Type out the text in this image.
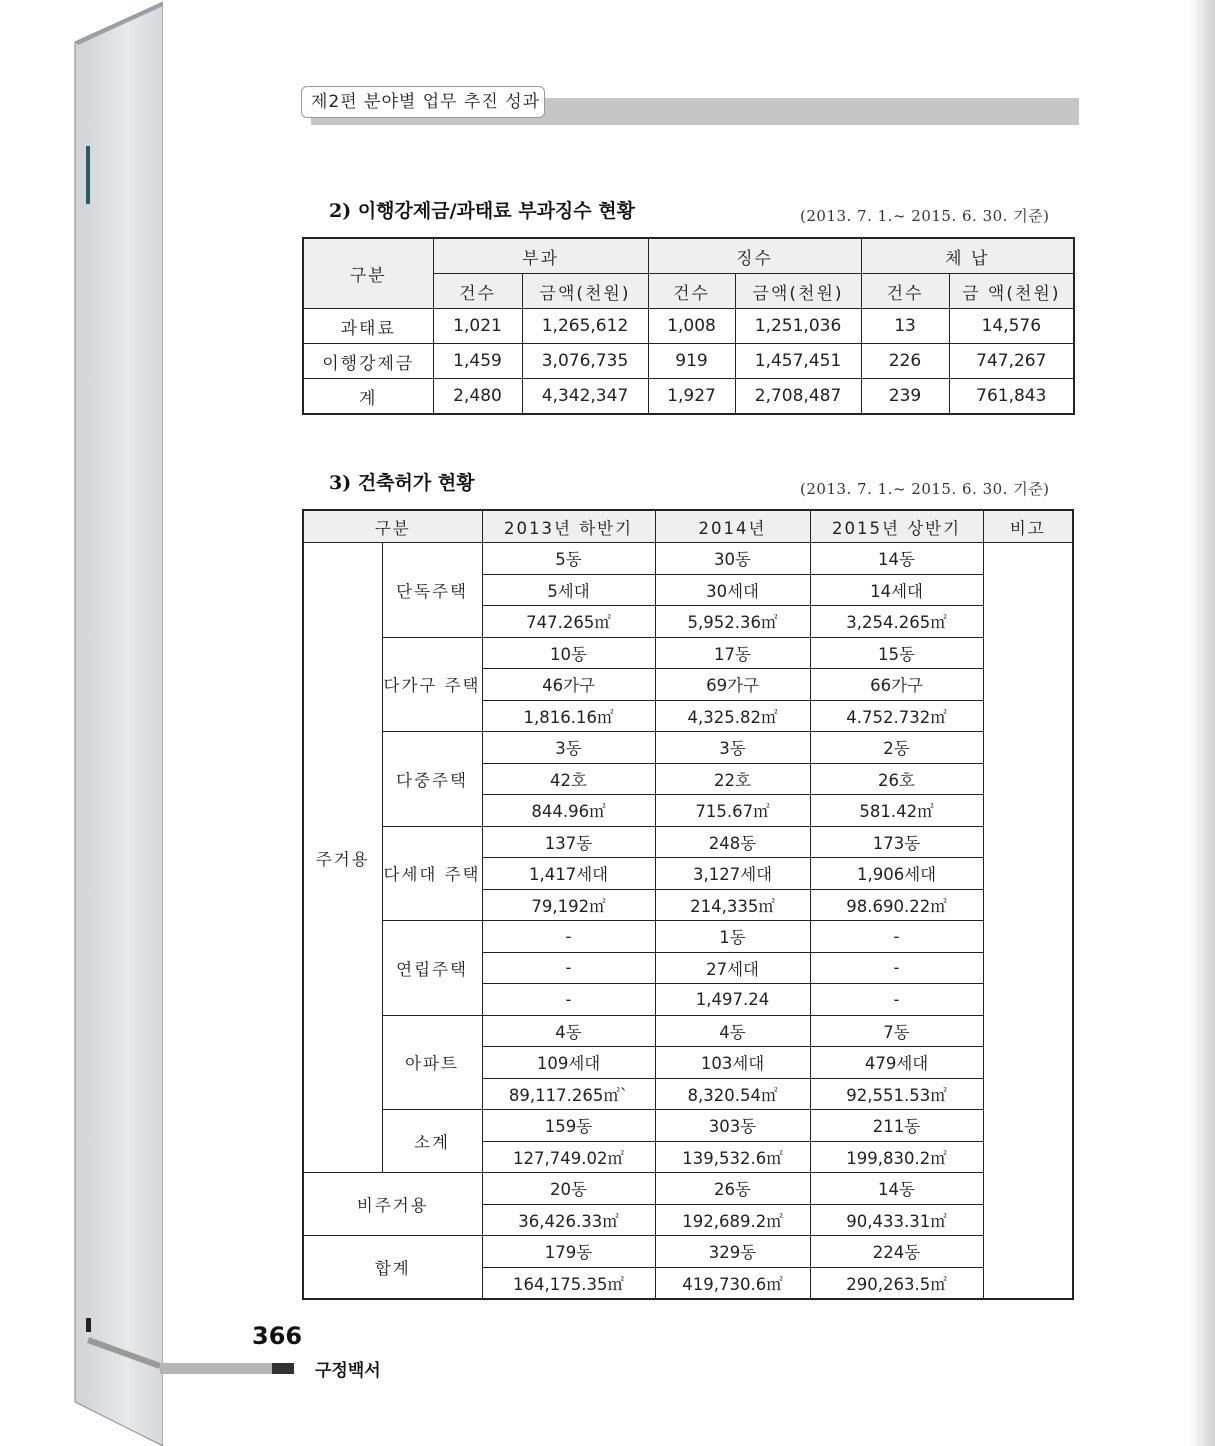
제2편 분야별 업무 추진 성과
2) 이행강제금/과태료 부과징수 현황	(2013. 7. 1.~ 2015. 6. 30. 기준)
구분	부과		징수		체 납	
	건수	금액(천원)	건수	금액(천원)	건수	금 액(천원)
과태료	1,021	1,265,612	1,008	1,251,036	13	14,576
이행강제금	1,459	3,076,735	919	1,457,451	226	747,267
계	2,480	4,342,347	1,927	2,708,487	239	761,843
3) 건축허가 현황	(2013. 7. 1.~ 2015. 6. 30. 기준)
구분		2013년 하반기	2014년	2015년 상반기	비고
주거용	단독주택	5동	30동	14동	
		5세대	30세대	14세대	
		747.265㎡	5,952.36㎡	3,254.265㎡	
	다가구 주택	10동	17동	15동	
		46가구	69가구	66가구	
		1,816.16㎡	4,325.82㎡	4.752.732㎡	
	다중주택	3동	3동	2동	
		42호	22호	26호	
		844.96㎡	715.67㎡	581.42㎡	
	다세대 주택	137동	248동	173동	
		1,417세대	3,127세대	1,906세대	
		79,192㎡	214,335㎡	98.690.22㎡	
	연립주택	-	1동	-	
		-	27세대	-	
		-	1,497.24	-	
	아파트	4동	4동	7동	
		109세대	103세대	479세대	
		89,117.265㎡`	8,320.54㎡	92,551.53㎡	
	소계	159동	303동	211동	
		127,749.02㎡	139,532.6㎡	199,830.2㎡	
비주거용		20동	26동	14동	
		36,426.33㎡	192,689.2㎡	90,433.31㎡	
합계		179동	329동	224동	
		164,175.35㎡	419,730.6㎡	290,263.5㎡	
366
구정백서
